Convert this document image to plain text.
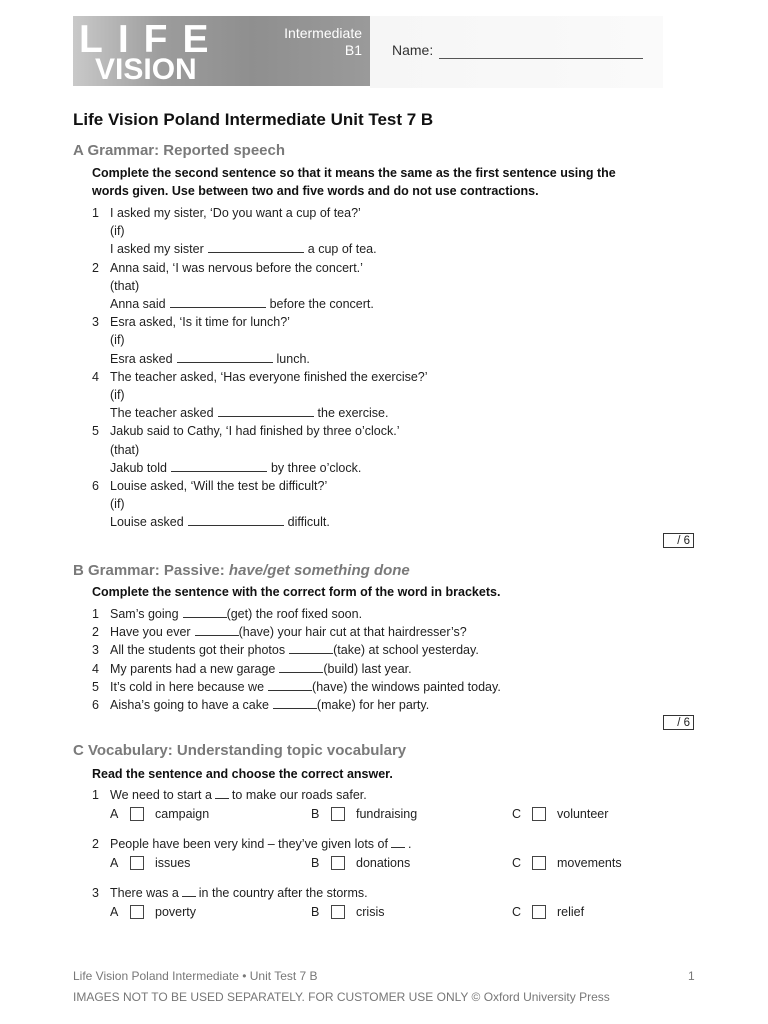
LIFE
VISION
Intermediate
B1 Name:
Life Vision Poland Intermediate Unit Test 7 B
A Grammar: Reported speech
Complete the second sentence so that it means the same as the first sentence using the
words given. Use between two and five words and do not use contractions.
1 I asked my sister, ‘Do you want a cup of tea?’
(if)
I asked my sister	a cup of tea.
2 Anna said, ‘I was nervous before the concert.’
(that)
Anna said	before the concert.
3 Esra asked, ‘Is it time for lunch?’
(if)
Esra asked	lunch.
4 The teacher asked, ‘Has everyone finished the exercise?’
(if)
The teacher asked	the exercise.
5 Jakub said to Cathy, ‘I had finished by three o’clock.’
(that)
Jakub told	by three o’clock.
6 Louise asked, ‘Will the test be difficult?’
(if)
Louise asked	difficult.
/ 6
B Grammar: Passive: have/get something done
Complete the sentence with the correct form of the word in brackets.
1 Sam’s going	(get) the roof fixed soon.
2 Have you ever	(have) your hair cut at that hairdresser’s?
3 All the students got their photos	(take) at school yesterday.
4 My parents had a new garage	(build) last year.
5 It’s cold in here because we	(have) the windows painted today.
6 Aisha’s going to have a cake	(make) for her party.
/ 6
C Vocabulary: Understanding topic vocabulary
Read the sentence and choose the correct answer.
1 We need to start a to make our roads safer.
A	campaign	B	fundraising	C	volunteer
2 People have been very kind – they’ve given lots of .
A	issues	B	donations	C	movements
3 There was a in the country after the storms.
A	poverty	B	crisis	C	relief
Life Vision Poland Intermediate • Unit Test 7 B	1
IMAGES NOT TO BE USED SEPARATELY. FOR CUSTOMER USE ONLY © Oxford University Press
